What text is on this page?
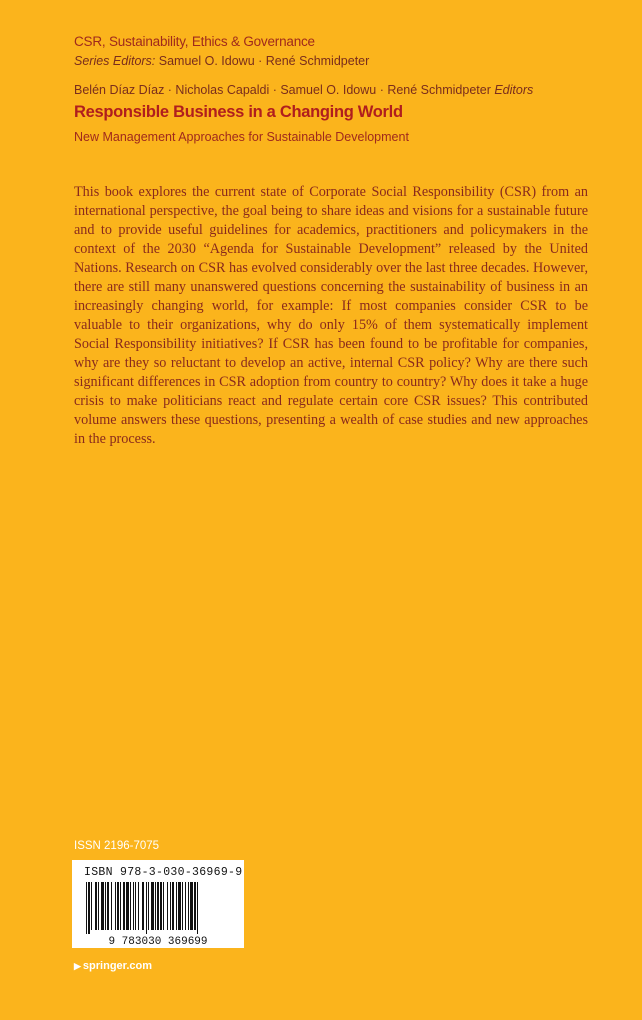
CSR, Sustainability, Ethics & Governance
Series Editors: Samuel O. Idowu · René Schmidpeter
Belén Díaz Díaz · Nicholas Capaldi · Samuel O. Idowu · René Schmidpeter Editors
Responsible Business in a Changing World
New Management Approaches for Sustainable Development

This book explores the current state of Corporate Social Responsibility (CSR) from an international perspective, the goal being to share ideas and visions for a sustainable future and to provide useful guidelines for academics, practitioners and policymakers in the context of the 2030 “Agenda for Sustainable Development” released by the United Nations. Research on CSR has evolved considerably over the last three decades. However, there are still many unanswered questions concerning the sustainability of business in an increasingly changing world, for example: If most companies consider CSR to be valuable to their organizations, why do only 15% of them systematically implement Social Responsibility initiatives? If CSR has been found to be profitable for companies, why are they so reluctant to develop an active, internal CSR policy? Why are there such significant differences in CSR adoption from country to country? Why does it take a huge crisis to make politicians react and regulate certain core CSR issues? This contributed volume answers these questions, presenting a wealth of case studies and new approaches in the process.

ISSN 2196-7075
9 783030 369699
ISBN 978-3-030-36969-9
▶ springer.com
